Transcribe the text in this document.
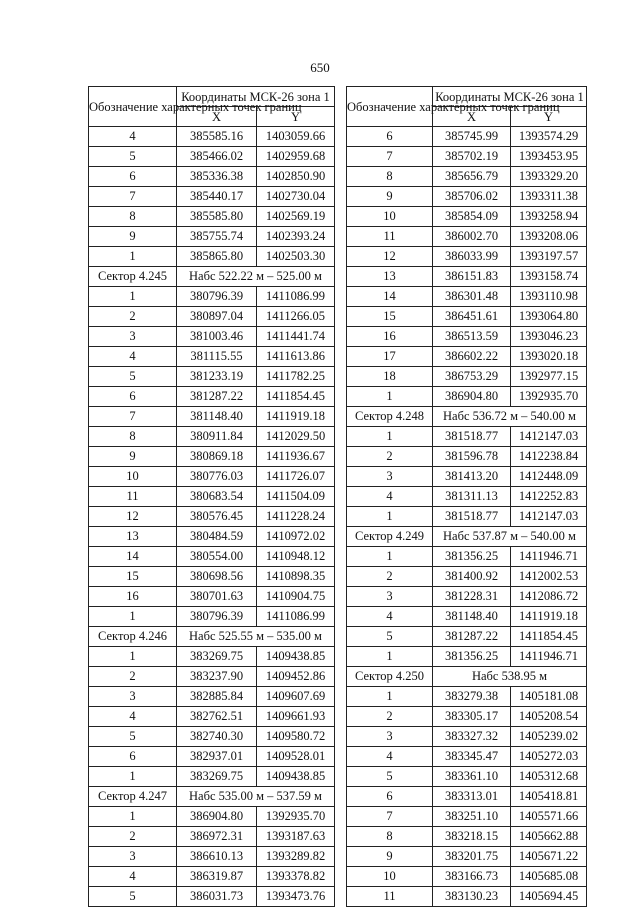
650
Обозначение характерных точек границ	Координаты МСК-26 зона 1	
	X	Y
4	385585.16	1403059.66
5	385466.02	1402959.68
6	385336.38	1402850.90
7	385440.17	1402730.04
8	385585.80	1402569.19
9	385755.74	1402393.24
1	385865.80	1402503.30
Сектор 4.245	Набс 522.22 м – 525.00 м	
1	380796.39	1411086.99
2	380897.04	1411266.05
3	381003.46	1411441.74
4	381115.55	1411613.86
5	381233.19	1411782.25
6	381287.22	1411854.45
7	381148.40	1411919.18
8	380911.84	1412029.50
9	380869.18	1411936.67
10	380776.03	1411726.07
11	380683.54	1411504.09
12	380576.45	1411228.24
13	380484.59	1410972.02
14	380554.00	1410948.12
15	380698.56	1410898.35
16	380701.63	1410904.75
1	380796.39	1411086.99
Сектор 4.246	Набс 525.55 м – 535.00 м	
1	383269.75	1409438.85
2	383237.90	1409452.86
3	382885.84	1409607.69
4	382762.51	1409661.93
5	382740.30	1409580.72
6	382937.01	1409528.01
1	383269.75	1409438.85
Сектор 4.247	Набс 535.00 м – 537.59 м	
1	386904.80	1392935.70
2	386972.31	1393187.63
3	386610.13	1393289.82
4	386319.87	1393378.82
5	386031.73	1393473.76
Обозначение характерных точек границ	Координаты МСК-26 зона 1	
	X	Y
6	385745.99	1393574.29
7	385702.19	1393453.95
8	385656.79	1393329.20
9	385706.02	1393311.38
10	385854.09	1393258.94
11	386002.70	1393208.06
12	386033.99	1393197.57
13	386151.83	1393158.74
14	386301.48	1393110.98
15	386451.61	1393064.80
16	386513.59	1393046.23
17	386602.22	1393020.18
18	386753.29	1392977.15
1	386904.80	1392935.70
Сектор 4.248	Набс 536.72 м – 540.00 м	
1	381518.77	1412147.03
2	381596.78	1412238.84
3	381413.20	1412448.09
4	381311.13	1412252.83
1	381518.77	1412147.03
Сектор 4.249	Набс 537.87 м – 540.00 м	
1	381356.25	1411946.71
2	381400.92	1412002.53
3	381228.31	1412086.72
4	381148.40	1411919.18
5	381287.22	1411854.45
1	381356.25	1411946.71
Сектор 4.250	Набс 538.95 м	
1	383279.38	1405181.08
2	383305.17	1405208.54
3	383327.32	1405239.02
4	383345.47	1405272.03
5	383361.10	1405312.68
6	383313.01	1405418.81
7	383251.10	1405571.66
8	383218.15	1405662.88
9	383201.75	1405671.22
10	383166.73	1405685.08
11	383130.23	1405694.45
